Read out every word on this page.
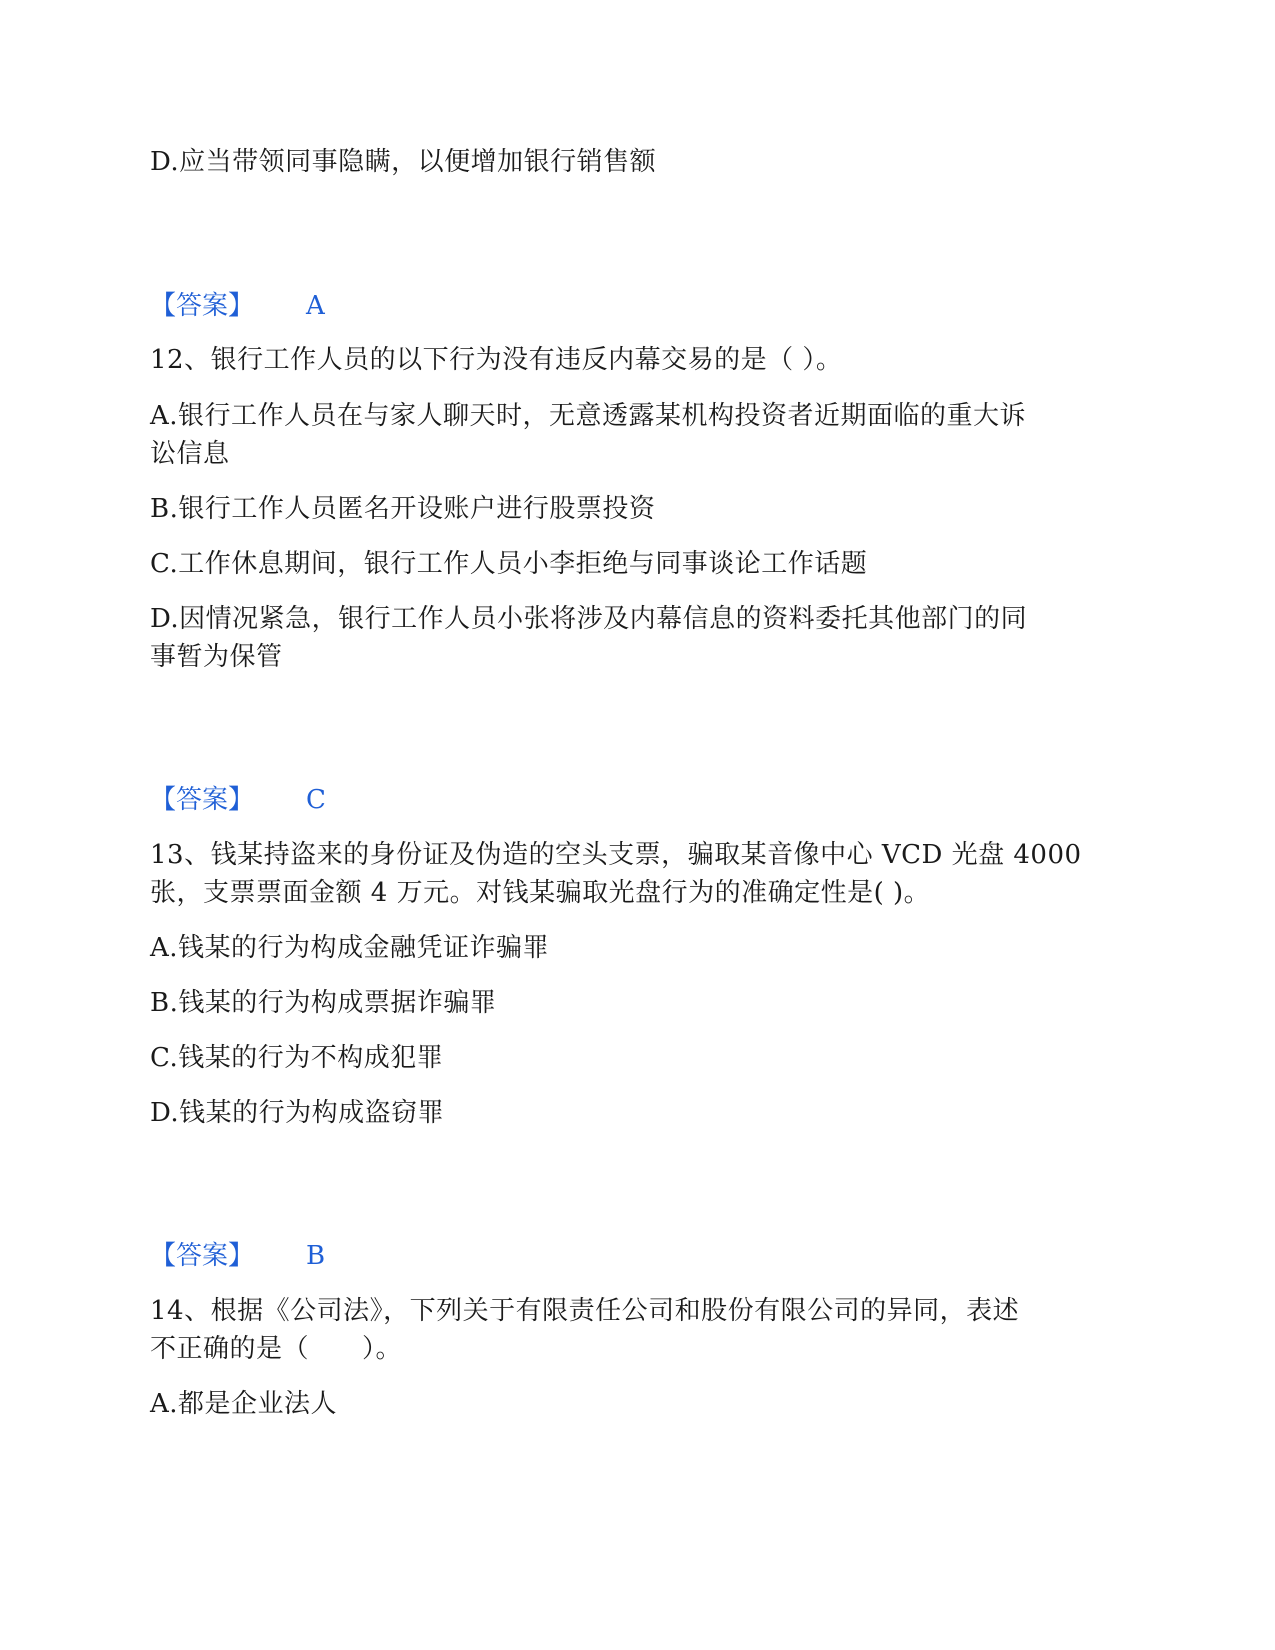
D.应当带领同事隐瞒，以便增加银行销售额
【答案】 A
12、银行工作人员的以下行为没有违反内幕交易的是（ ）。
A.银行工作人员在与家人聊天时，无意透露某机构投资者近期面临的重大诉
讼信息
B.银行工作人员匿名开设账户进行股票投资
C.工作休息期间，银行工作人员小李拒绝与同事谈论工作话题
D.因情况紧急，银行工作人员小张将涉及内幕信息的资料委托其他部门的同
事暂为保管
【答案】 C
13、钱某持盗来的身份证及伪造的空头支票，骗取某音像中心 VCD 光盘 4000
张，支票票面金额 4 万元。对钱某骗取光盘行为的准确定性是( )。
A.钱某的行为构成金融凭证诈骗罪
B.钱某的行为构成票据诈骗罪
C.钱某的行为不构成犯罪
D.钱某的行为构成盗窃罪
【答案】 B
14、根据《公司法》，下列关于有限责任公司和股份有限公司的异同，表述
不正确的是（　　）。
A.都是企业法人
